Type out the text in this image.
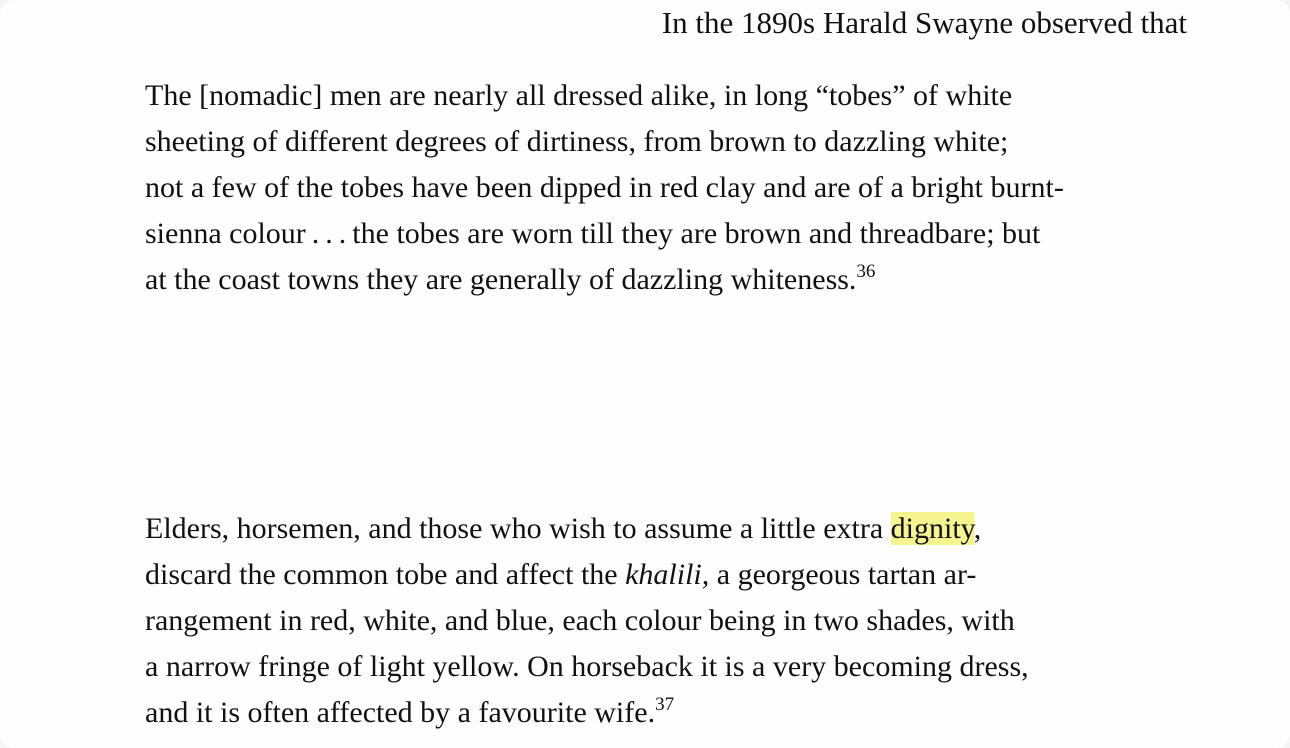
In the 1890s Harald Swayne observed that
The [nomadic] men are nearly all dressed alike, in long “tobes” of white
sheeting of different degrees of dirtiness, from brown to dazzling white;
not a few of the tobes have been dipped in red clay and are of a bright burnt-
sienna colour . . . the tobes are worn till they are brown and threadbare; but
at the coast towns they are generally of dazzling whiteness.$^{36}$
Elders, horsemen, and those who wish to assume a little extra dignity,
discard the common tobe and affect the khalili, a georgeous tartan ar-
rangement in red, white, and blue, each colour being in two shades, with
a narrow fringe of light yellow. On horseback it is a very becoming dress,
and it is often affected by a favourite wife.$^{37}$
